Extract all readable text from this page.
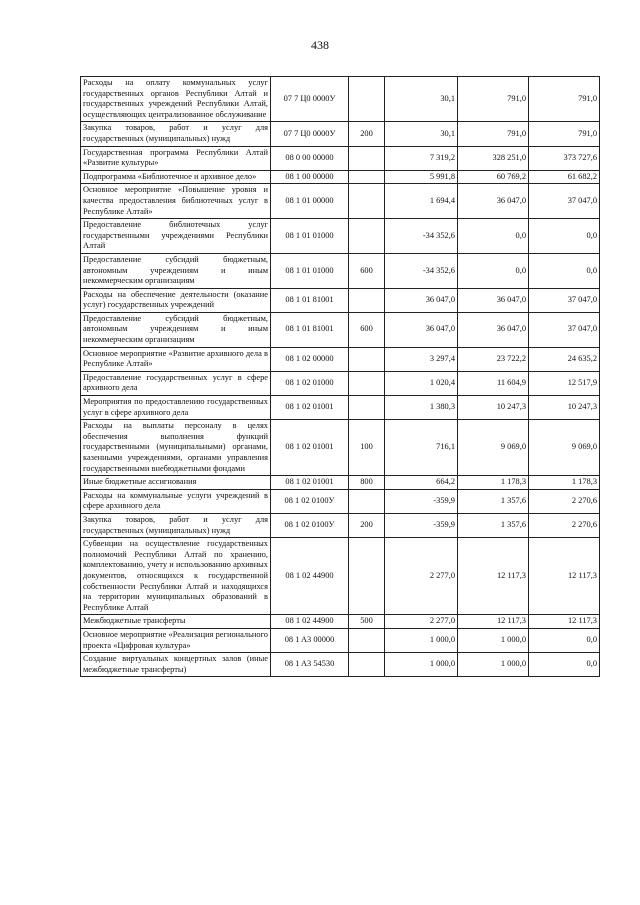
438
Расходы на оплату коммунальных услуг государственных органов Республики Алтай и государственных учреждений Республики Алтай, осуществляющих централизованное обслуживание	07 7 Ц0 0000У		30,1	791,0	791,0
Закупка товаров, работ и услуг для государственных (муниципальных) нужд	07 7 Ц0 0000У	200	30,1	791,0	791,0
Государственная программа Республики Алтай «Развитие культуры»	08 0 00 00000		7 319,2	328 251,0	373 727,6
Подпрограмма «Библиотечное и архивное дело»	08 1 00 00000		5 991,8	60 769,2	61 682,2
Основное мероприятие «Повышение уровня и качества предоставления библиотечных услуг в Республике Алтай»	08 1 01 00000		1 694,4	36 047,0	37 047,0
Предоставление библиотечных услуг государственными учреждениями Республики Алтай	08 1 01 01000		-34 352,6	0,0	0,0
Предоставление субсидий бюджетным, автономным учреждениям и иным некоммерческим организациям	08 1 01 01000	600	-34 352,6	0,0	0,0
Расходы на обеспечение деятельности (оказание услуг) государственных учреждений	08 1 01 81001		36 047,0	36 047,0	37 047,0
Предоставление субсидий бюджетным, автономным учреждениям и иным некоммерческим организациям	08 1 01 81001	600	36 047,0	36 047,0	37 047,0
Основное мероприятие «Развитие архивного дела в Республике Алтай»	08 1 02 00000		3 297,4	23 722,2	24 635,2
Предоставление государственных услуг в сфере архивного дела	08 1 02 01000		1 020,4	11 604,9	12 517,9
Мероприятия по предоставлению государственных услуг в сфере архивного дела	08 1 02 01001		1 380,3	10 247,3	10 247,3
Расходы на выплаты персоналу в целях обеспечения выполнения функций государственными (муниципальными) органами, казенными учреждениями, органами управления государственными внебюджетными фондами	08 1 02 01001	100	716,1	9 069,0	9 069,0
Иные бюджетные ассигнования	08 1 02 01001	800	664,2	1 178,3	1 178,3
Расходы на коммунальные услуги учреждений в сфере архивного дела	08 1 02 0100У		-359,9	1 357,6	2 270,6
Закупка товаров, работ и услуг для государственных (муниципальных) нужд	08 1 02 0100У	200	-359,9	1 357,6	2 270,6
Субвенции на осуществление государственных полномочий Республики Алтай по хранению, комплектованию, учету и использованию архивных документов, относящихся к государственной собственности Республики Алтай и находящихся на территории муниципальных образований в Республике Алтай	08 1 02 44900		2 277,0	12 117,3	12 117,3
Межбюджетные трансферты	08 1 02 44900	500	2 277,0	12 117,3	12 117,3
Основное мероприятие «Реализация регионального проекта «Цифровая культура»	08 1 A3 00000		1 000,0	1 000,0	0,0
Создание виртуальных концертных залов (иные межбюджетные трансферты)	08 1 A3 54530		1 000,0	1 000,0	0,0
